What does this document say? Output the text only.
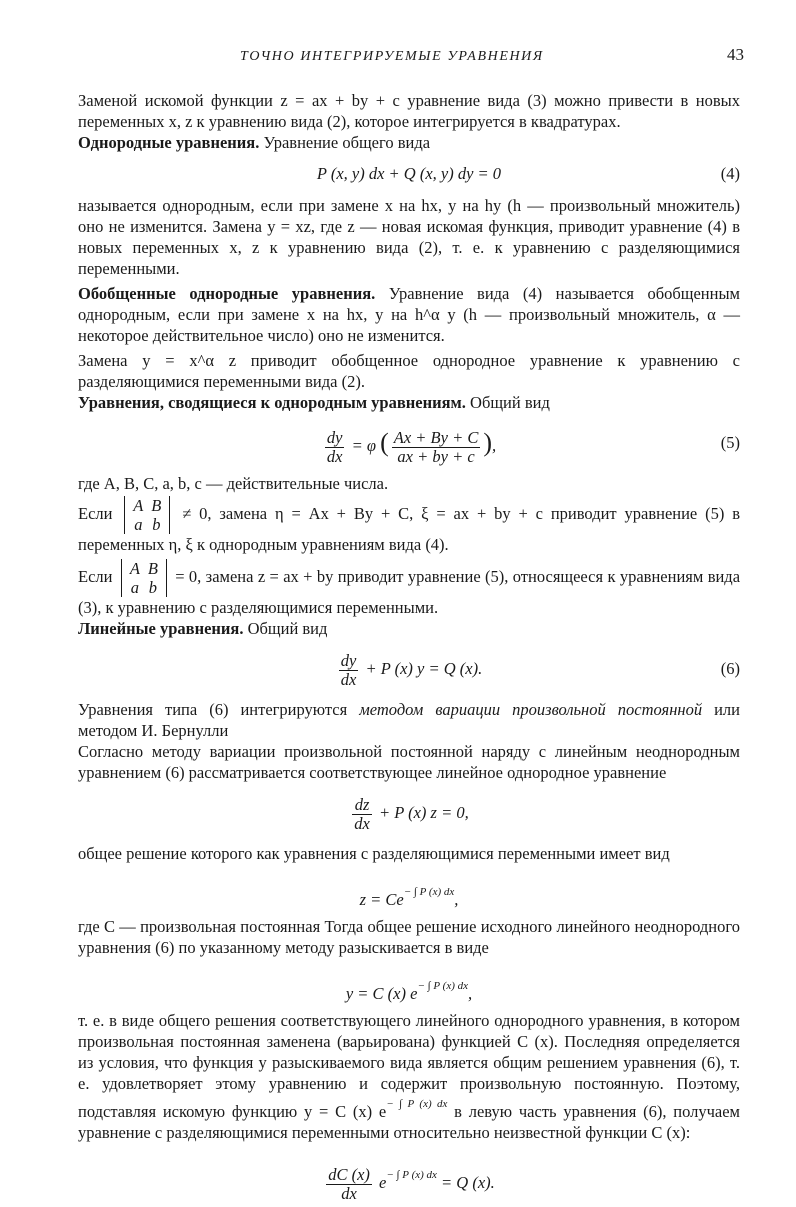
ТОЧНО ИНТЕГРИРУЕМЫЕ УРАВНЕНИЯ	43

Заменой искомой функции z = ax + by + c уравнение вида (3) можно привести в новых переменных x, z к уравнению вида (2), которое интегрируется в квадратурах.

Однородные уравнения. Уравнение общего вида

P (x, y) dx + Q (x, y) dy = 0	(4)

называется однородным, если при замене x на hx, y на hy (h — произвольный множитель) оно не изменится. Замена y = xz, где z — новая искомая функция, приводит уравнение (4) в новых переменных x, z к уравнению вида (2), т. е. к уравнению с разделяющимися переменными.

Обобщенные однородные уравнения. Уравнение вида (4) называется обобщенным однородным, если при замене x на hx, y на h^α y (h — произвольный множитель, α — некоторое действительное число) оно не изменится.

Замена y = x^α z приводит обобщенное однородное уравнение к уравнению с разделяющимися переменными вида (2).

Уравнения, сводящиеся к однородным уравнениям. Общий вид

$\frac{dy}{dx} = \varphi$ ( $\frac{Ax + By + C}{ax + by + c}$ ),	(5)

где A, B, C, a, b, c — действительные числа.

Если A B
a b
≠ 0, замена η = Ax + By + C, ξ = ax + by + c приводит уравнение (5) в переменных η, ξ к однородным уравнениям вида (4).

Если A B
a b
= 0, замена z = ax + by приводит уравнение (5), относящееся к уравнениям вида (3), к уравнению с разделяющимися переменными.

Линейные уравнения. Общий вид

$\frac{dy}{dx} + P$ (x) y = Q (x).	(6)

Уравнения типа (6) интегрируются методом вариации произвольной постоянной или методом И. Бернулли

Согласно методу вариации произвольной постоянной наряду с линейным неоднородным уравнением (6) рассматривается соответствующее линейное однородное уравнение

$\frac{dz}{dx} + P$ (x) z = 0,

общее решение которого как уравнения с разделяющимися переменными имеет вид

$z = Ce^{- \int P (x) dx}$,

где C — произвольная постоянная Тогда общее решение исходного линейного неоднородного уравнения (6) по указанному методу разыскивается в виде

y = C (x) $e^{- \int P (x) dx}$,

т. е. в виде общего решения соответствующего линейного однородного уравнения, в котором произвольная постоянная заменена (варьирована) функцией C (x). Последняя определяется из условия, что функция y разыскиваемого вида является общим решением уравнения (6), т. е. удовлетворяет этому уравнению и содержит произвольную постоянную. Поэтому, подставляя искомую функцию y = C (x) $e^{- \int P (x) dx}$ в левую часть уравнения (6), получаем уравнение с разделяющимися переменными относительно неизвестной функции C (x):

$\frac{dC (x)}{dx} e^{- \int P (x) dx} = Q$ (x).
